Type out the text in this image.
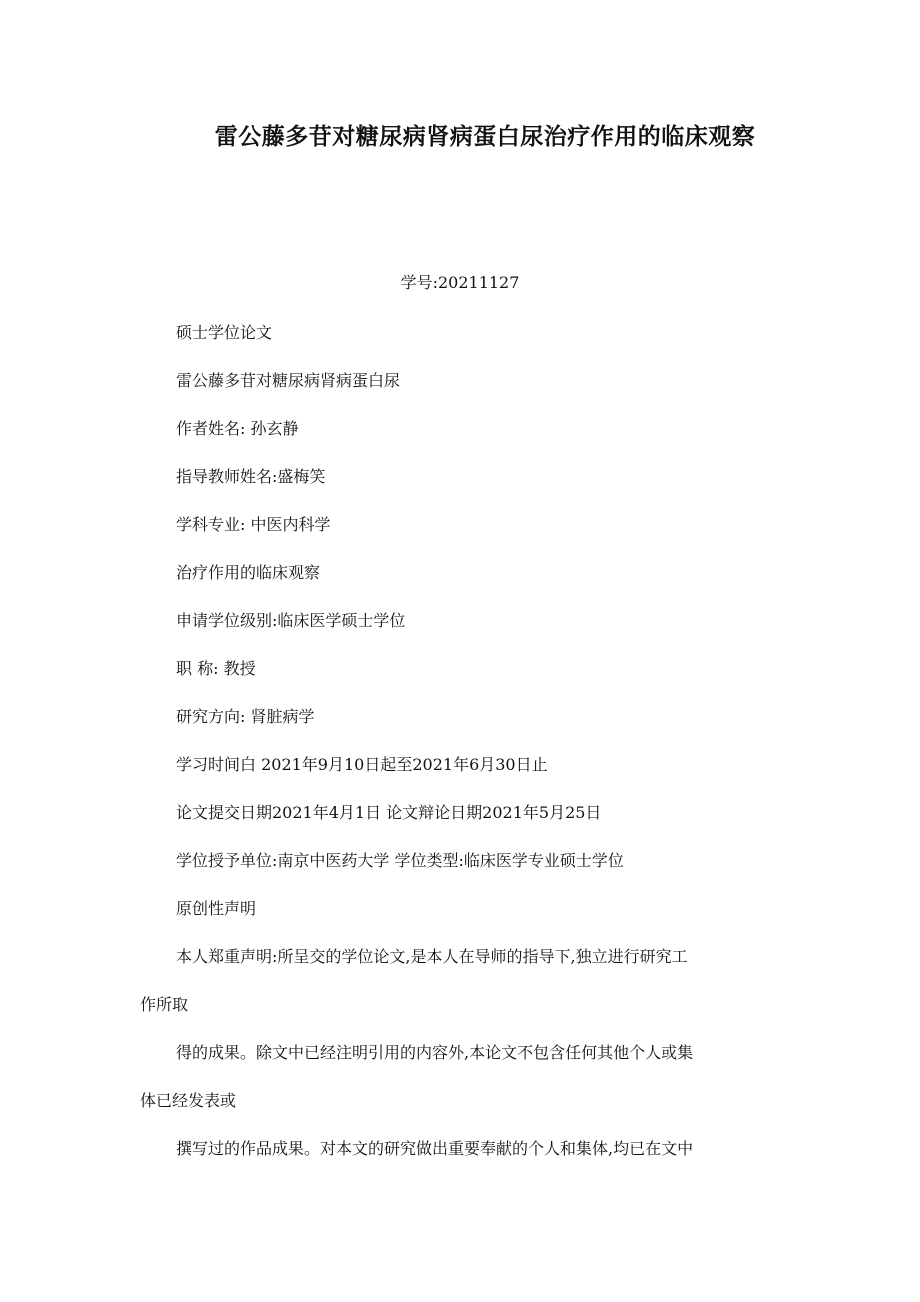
雷公藤多苷对糖尿病肾病蛋白尿治疗作用的临床观察
学号:20211127
硕士学位论文
雷公藤多苷对糖尿病肾病蛋白尿
作者姓名: 孙玄静
指导教师姓名:盛梅笑
学科专业: 中医内科学
治疗作用的临床观察
申请学位级别:临床医学硕士学位
职 称: 教授
研究方向: 肾脏病学
学习时间白 2021年9月10日起至2021年6月30日止
论文提交日期2021年4月1日 论文辩论日期2021年5月25日
学位授予单位:南京中医药大学 学位类型:临床医学专业硕士学位
原创性声明
本人郑重声明:所呈交的学位论文,是本人在导师的指导下,独立进行研究工
作所取
得的成果。除文中已经注明引用的内容外,本论文不包含任何其他个人或集
体已经发表或
撰写过的作品成果。对本文的研究做出重要奉献的个人和集体,均已在文中
